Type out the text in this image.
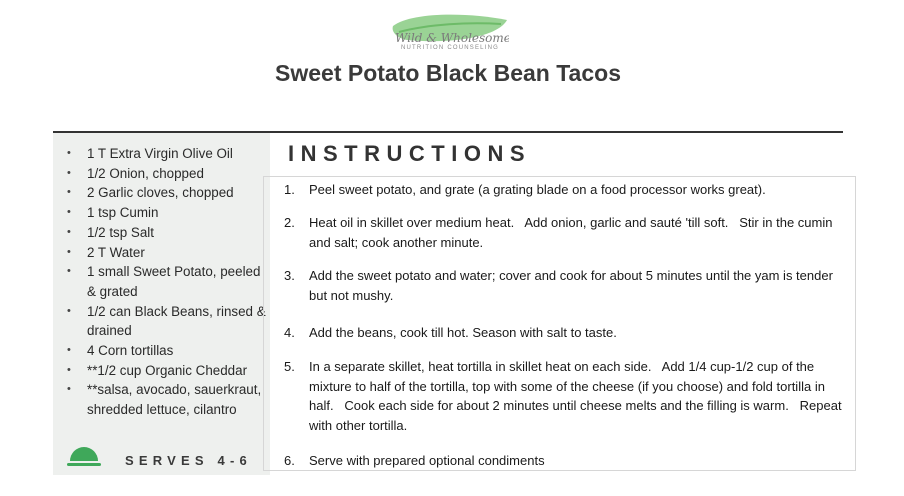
Wild & Wholesome
NUTRITION COUNSELING
Sweet Potato Black Bean Tacos
• 1 T Extra Virgin Olive Oil
• 1/2 Onion, chopped
• 2 Garlic cloves, chopped
• 1 tsp Cumin
• 1/2 tsp Salt
• 2 T Water
• 1 small Sweet Potato, peeled & grated
• 1/2 can Black Beans, rinsed & drained
• 4 Corn tortillas
• **1/2 cup Organic Cheddar
• **salsa, avocado, sauerkraut, shredded lettuce, cilantro
SERVES 4-6
INSTRUCTIONS
1. Peel sweet potato, and grate (a grating blade on a food processor works great).
2. Heat oil in skillet over medium heat.   Add onion, garlic and sauté 'till soft.   Stir in the cumin and salt; cook another minute.
3. Add the sweet potato and water; cover and cook for about 5 minutes until the yam is tender but not mushy.
4. Add the beans, cook till hot. Season with salt to taste.
5. In a separate skillet, heat tortilla in skillet heat on each side.   Add 1/4 cup-1/2 cup of the mixture to half of the tortilla, top with some of the cheese (if you choose) and fold tortilla in half.   Cook each side for about 2 minutes until cheese melts and the filling is warm.   Repeat with other tortilla.
6. Serve with prepared optional condiments
